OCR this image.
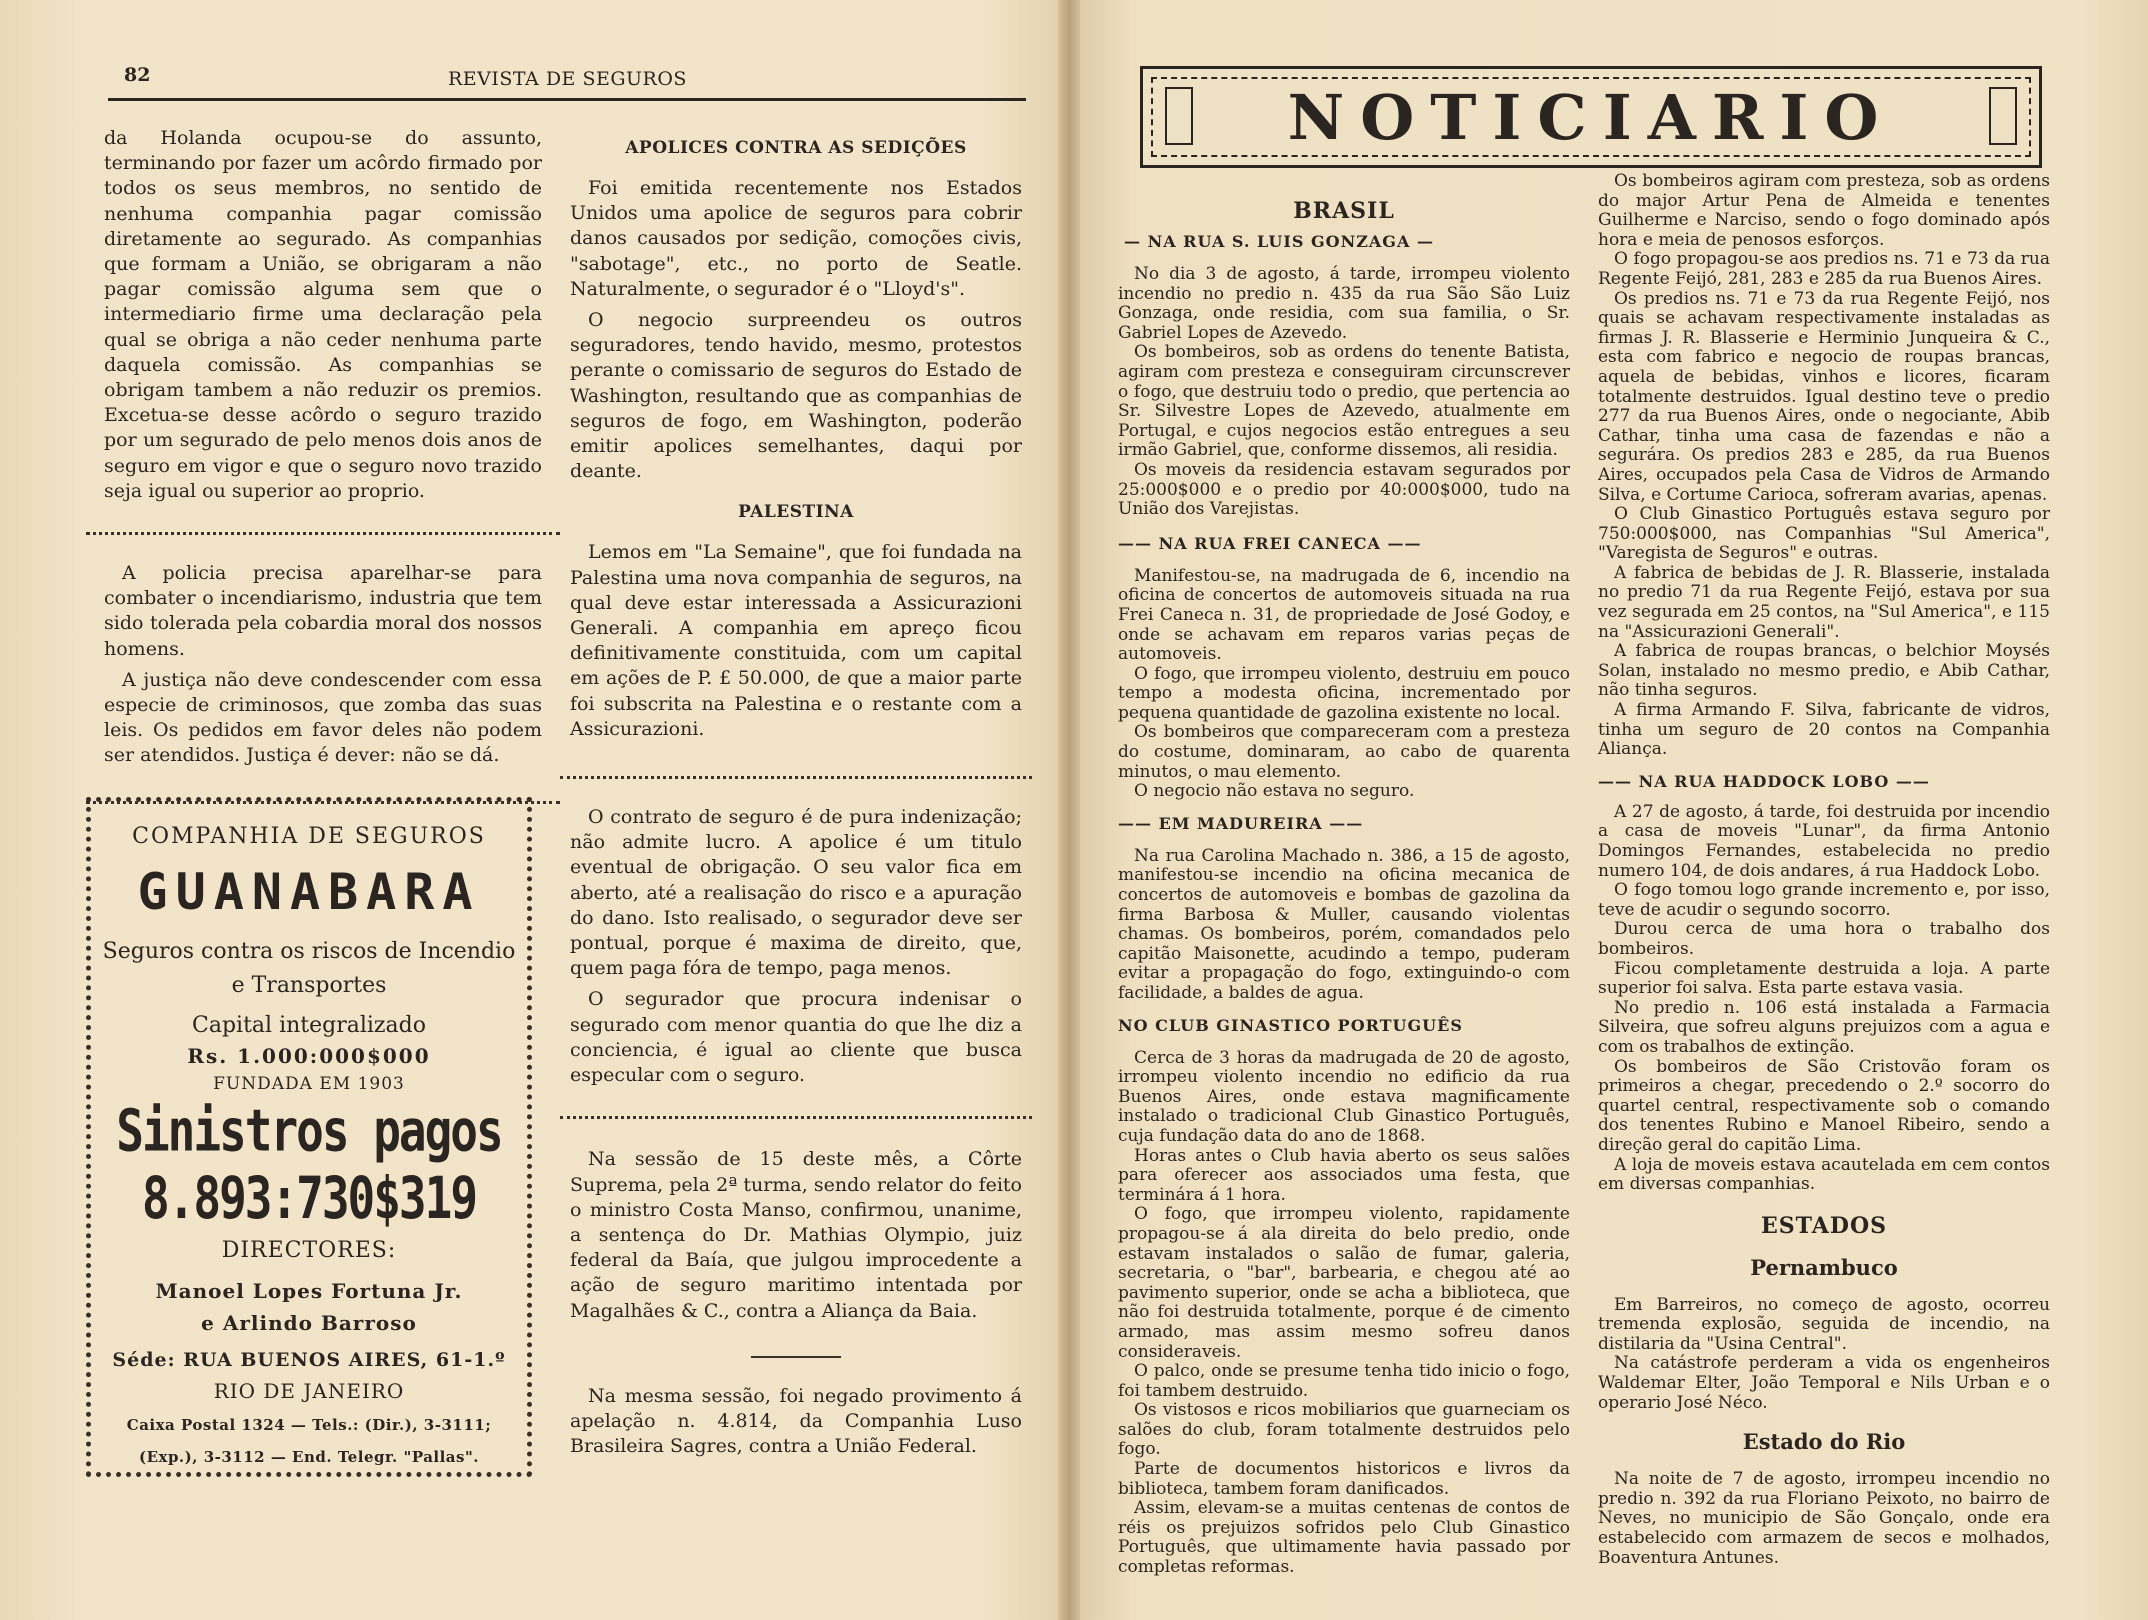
82	REVISTA DE SEGUROS

da Holanda ocupou-se do assunto, terminando por fazer um acôrdo firmado por todos os seus membros, no sentido de nenhuma companhia pagar comissão diretamente ao segurado. As companhias que formam a União, se obrigaram a não pagar comissão alguma sem que o intermediario firme uma declaração pela qual se obriga a não ceder nenhuma parte daquela comissão. As companhias se obrigam tambem a não reduzir os premios. Excetua-se desse acôrdo o seguro trazido por um segurado de pelo menos dois anos de seguro em vigor e que o seguro novo trazido seja igual ou superior ao proprio.

A policia precisa aparelhar-se para combater o incendiarismo, industria que tem sido tolerada pela cobardia moral dos nossos homens.

A justiça não deve condescender com essa especie de criminosos, que zomba das suas leis. Os pedidos em favor deles não podem ser atendidos. Justiça é dever: não se dá.

COMPANHIA DE SEGUROS
GUANABARA
Seguros contra os riscos de Incendio
e Transportes
Capital integralizado
Rs. 1.000:000$000
FUNDADA EM 1903
Sinistros pagos 8.893:730$319
DIRECTORES:
Manoel Lopes Fortuna Jr.
e Arlindo Barroso
Séde: RUA BUENOS AIRES, 61-1.º
RIO DE JANEIRO
Caixa Postal 1324 — Tels.: (Dir.), 3-3111;
(Exp.), 3-3112 — End. Telegr. "Pallas".
APOLICES CONTRA AS SEDIÇÕES

Foi emitida recentemente nos Estados Unidos uma apolice de seguros para cobrir danos causados por sedição, comoções civis, "sabotage", etc., no porto de Seatle. Naturalmente, o segurador é o "Lloyd's".

O negocio surpreendeu os outros seguradores, tendo havido, mesmo, protestos perante o comissario de seguros do Estado de Washington, resultando que as companhias de seguros de fogo, em Washington, poderão emitir apolices semelhantes, daqui por deante.

PALESTINA

Lemos em "La Semaine", que foi fundada na Palestina uma nova companhia de seguros, na qual deve estar interessada a Assicurazioni Generali. A companhia em apreço ficou definitivamente constituida, com um capital em ações de P. £ 50.000, de que a maior parte foi subscrita na Palestina e o restante com a Assicurazioni.

O contrato de seguro é de pura indenização; não admite lucro. A apolice é um titulo eventual de obrigação. O seu valor fica em aberto, até a realisação do risco e a apuração do dano. Isto realisado, o segurador deve ser pontual, porque é maxima de direito, que, quem paga fóra de tempo, paga menos.

O segurador que procura indenisar o segurado com menor quantia do que lhe diz a conciencia, é igual ao cliente que busca especular com o seguro.

Na sessão de 15 deste mês, a Côrte Suprema, pela 2ª turma, sendo relator do feito o ministro Costa Manso, confirmou, unanime, a sentença do Dr. Mathias Olympio, juiz federal da Baía, que julgou improcedente a ação de seguro maritimo intentada por Magalhães & C., contra a Aliança da Baia.

Na mesma sessão, foi negado provimento á apelação n. 4.814, da Companhia Luso Brasileira Sagres, contra a União Federal.

NOTICIARIO
BRASIL
— NA RUA S. LUIS GONZAGA —

No dia 3 de agosto, á tarde, irrompeu violento incendio no predio n. 435 da rua São São Luiz Gonzaga, onde residia, com sua familia, o Sr. Gabriel Lopes de Azevedo.

Os bombeiros, sob as ordens do tenente Batista, agiram com presteza e conseguiram circunscrever o fogo, que destruiu todo o predio, que pertencia ao Sr. Silvestre Lopes de Azevedo, atualmente em Portugal, e cujos negocios estão entregues a seu irmão Gabriel, que, conforme dissemos, ali residia.

Os moveis da residencia estavam segurados por 25:000$000 e o predio por 40:000$000, tudo na União dos Varejistas.

—— NA RUA FREI CANECA ——

Manifestou-se, na madrugada de 6, incendio na oficina de concertos de automoveis situada na rua Frei Caneca n. 31, de propriedade de José Godoy, e onde se achavam em reparos varias peças de automoveis.

O fogo, que irrompeu violento, destruiu em pouco tempo a modesta oficina, incrementado por pequena quantidade de gazolina existente no local.

Os bombeiros que compareceram com a presteza do costume, dominaram, ao cabo de quarenta minutos, o mau elemento.

O negocio não estava no seguro.

—— EM MADUREIRA ——

Na rua Carolina Machado n. 386, a 15 de agosto, manifestou-se incendio na oficina mecanica de concertos de automoveis e bombas de gazolina da firma Barbosa & Muller, causando violentas chamas. Os bombeiros, porém, comandados pelo capitão Maisonette, acudindo a tempo, puderam evitar a propagação do fogo, extinguindo-o com facilidade, a baldes de agua.

NO CLUB GINASTICO PORTUGUÊS

Cerca de 3 horas da madrugada de 20 de agosto, irrompeu violento incendio no edificio da rua Buenos Aires, onde estava magnificamente instalado o tradicional Club Ginastico Português, cuja fundação data do ano de 1868.

Horas antes o Club havia aberto os seus salões para oferecer aos associados uma festa, que terminára á 1 hora.

O fogo, que irrompeu violento, rapidamente propagou-se á ala direita do belo predio, onde estavam instalados o salão de fumar, galeria, secretaria, o "bar", barbearia, e chegou até ao pavimento superior, onde se acha a biblioteca, que não foi destruida totalmente, porque é de cimento armado, mas assim mesmo sofreu danos consideraveis.

O palco, onde se presume tenha tido inicio o fogo, foi tambem destruido.

Os vistosos e ricos mobiliarios que guarneciam os salões do club, foram totalmente destruidos pelo fogo.

Parte de documentos historicos e livros da biblioteca, tambem foram danificados.

Assim, elevam-se a muitas centenas de contos de réis os prejuizos sofridos pelo Club Ginastico Português, que ultimamente havia passado por completas reformas.

Os bombeiros agiram com presteza, sob as ordens do major Artur Pena de Almeida e tenentes Guilherme e Narciso, sendo o fogo dominado após hora e meia de penosos esforços.

O fogo propagou-se aos predios ns. 71 e 73 da rua Regente Feijó, 281, 283 e 285 da rua Buenos Aires.

Os predios ns. 71 e 73 da rua Regente Feijó, nos quais se achavam respectivamente instaladas as firmas J. R. Blasserie e Herminio Junqueira & C., esta com fabrico e negocio de roupas brancas, aquela de bebidas, vinhos e licores, ficaram totalmente destruidos. Igual destino teve o predio 277 da rua Buenos Aires, onde o negociante, Abib Cathar, tinha uma casa de fazendas e não a segurára. Os predios 283 e 285, da rua Buenos Aires, occupados pela Casa de Vidros de Armando Silva, e Cortume Carioca, sofreram avarias, apenas.

O Club Ginastico Português estava seguro por 750:000$000, nas Companhias "Sul America", "Varegista de Seguros" e outras.

A fabrica de bebidas de J. R. Blasserie, instalada no predio 71 da rua Regente Feijó, estava por sua vez segurada em 25 contos, na "Sul America", e 115 na "Assicurazioni Generali".

A fabrica de roupas brancas, o belchior Moysés Solan, instalado no mesmo predio, e Abib Cathar, não tinha seguros.

A firma Armando F. Silva, fabricante de vidros, tinha um seguro de 20 contos na Companhia Aliança.

—— NA RUA HADDOCK LOBO ——

A 27 de agosto, á tarde, foi destruida por incendio a casa de moveis "Lunar", da firma Antonio Domingos Fernandes, estabelecida no predio numero 104, de dois andares, á rua Haddock Lobo.

O fogo tomou logo grande incremento e, por isso, teve de acudir o segundo socorro.

Durou cerca de uma hora o trabalho dos bombeiros.

Ficou completamente destruida a loja. A parte superior foi salva. Esta parte estava vasia.

No predio n. 106 está instalada a Farmacia Silveira, que sofreu alguns prejuizos com a agua e com os trabalhos de extinção.

Os bombeiros de São Cristovão foram os primeiros a chegar, precedendo o 2.º socorro do quartel central, respectivamente sob o comando dos tenentes Rubino e Manoel Ribeiro, sendo a direção geral do capitão Lima.

A loja de moveis estava acautelada em cem contos em diversas companhias.

ESTADOS
Pernambuco

Em Barreiros, no começo de agosto, ocorreu tremenda explosão, seguida de incendio, na distilaria da "Usina Central".

Na catástrofe perderam a vida os engenheiros Waldemar Elter, João Temporal e Nils Urban e o operario José Néco.

Estado do Rio

Na noite de 7 de agosto, irrompeu incendio no predio n. 392 da rua Floriano Peixoto, no bairro de Neves, no municipio de São Gonçalo, onde era estabelecido com armazem de secos e molhados, Boaventura Antunes.
